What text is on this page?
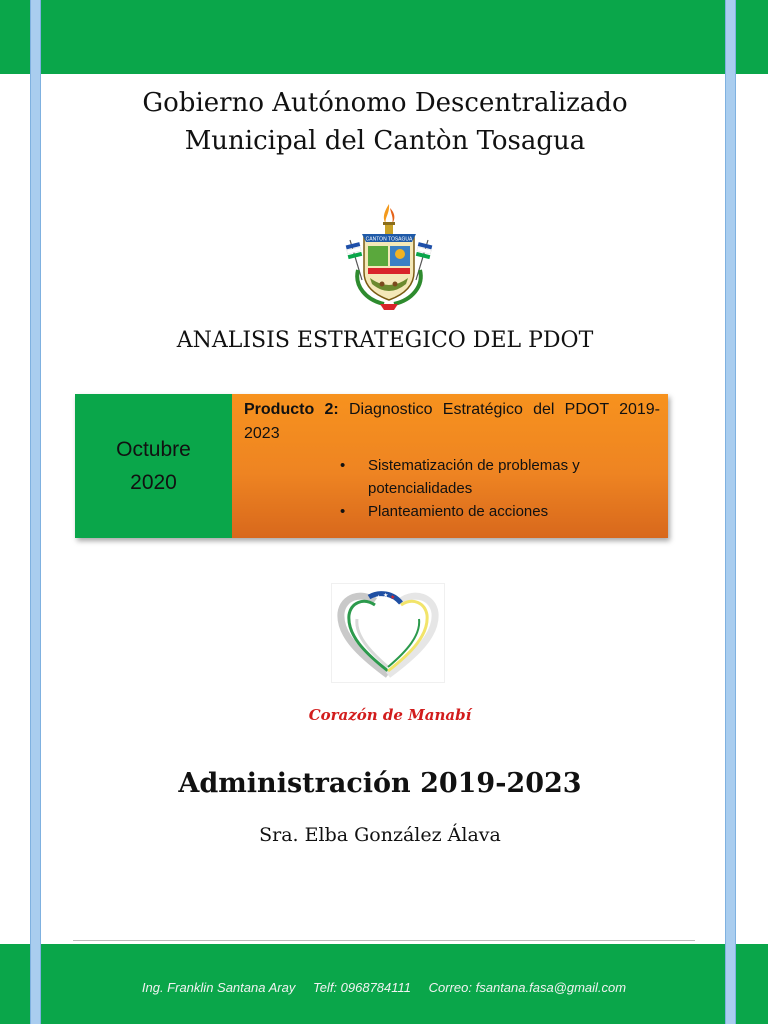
Gobierno Autónomo Descentralizado
Municipal del Cantòn Tosagua
CANTON TOSAGUA
ANALISIS ESTRATEGICO DEL PDOT
Octubre
2020
Producto 2: Diagnostico Estratégico del PDOT 2019-2023
• Sistematización de problemas y potencialidades
• Planteamiento de acciones
★ ★ ★
Corazón de Manabí
Administración 2019-2023
Sra. Elba González Álava
Ing. Franklin Santana Aray Telf: 0968784111 Correo: fsantana.fasa@gmail.com
